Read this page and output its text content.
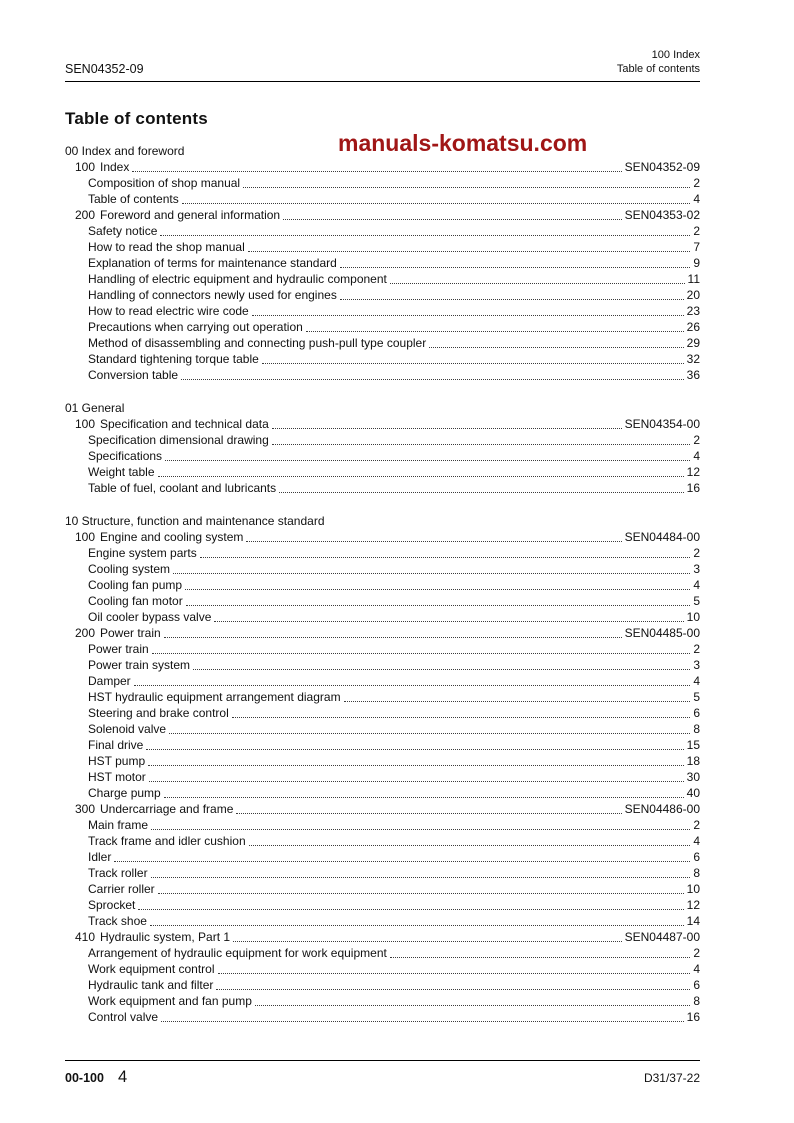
SEN04352-09
100 Index
Table of contents
Table of contents
00 Index and foreword
100 Index	SEN04352-09
Composition of shop manual	2
Table of contents	4
200 Foreword and general information	SEN04353-02
Safety notice	2
How to read the shop manual	7
Explanation of terms for maintenance standard	9
Handling of electric equipment and hydraulic component	11
Handling of connectors newly used for engines	20
How to read electric wire code	23
Precautions when carrying out operation	26
Method of disassembling and connecting push-pull type coupler	29
Standard tightening torque table	32
Conversion table	36
01 General
100 Specification and technical data	SEN04354-00
Specification dimensional drawing	2
Specifications	4
Weight table	12
Table of fuel, coolant and lubricants	16
10 Structure, function and maintenance standard
100 Engine and cooling system	SEN04484-00
Engine system parts	2
Cooling system	3
Cooling fan pump	4
Cooling fan motor	5
Oil cooler bypass valve	10
200 Power train	SEN04485-00
Power train	2
Power train system	3
Damper	4
HST hydraulic equipment arrangement diagram	5
Steering and brake control	6
Solenoid valve	8
Final drive	15
HST pump	18
HST motor	30
Charge pump	40
300 Undercarriage and frame	SEN04486-00
Main frame	2
Track frame and idler cushion	4
Idler	6
Track roller	8
Carrier roller	10
Sprocket	12
Track shoe	14
410 Hydraulic system, Part 1	SEN04487-00
Arrangement of hydraulic equipment for work equipment	2
Work equipment control	4
Hydraulic tank and filter	6
Work equipment and fan pump	8
Control valve	16
manuals-komatsu.com
00-100 4	D31/37-22
